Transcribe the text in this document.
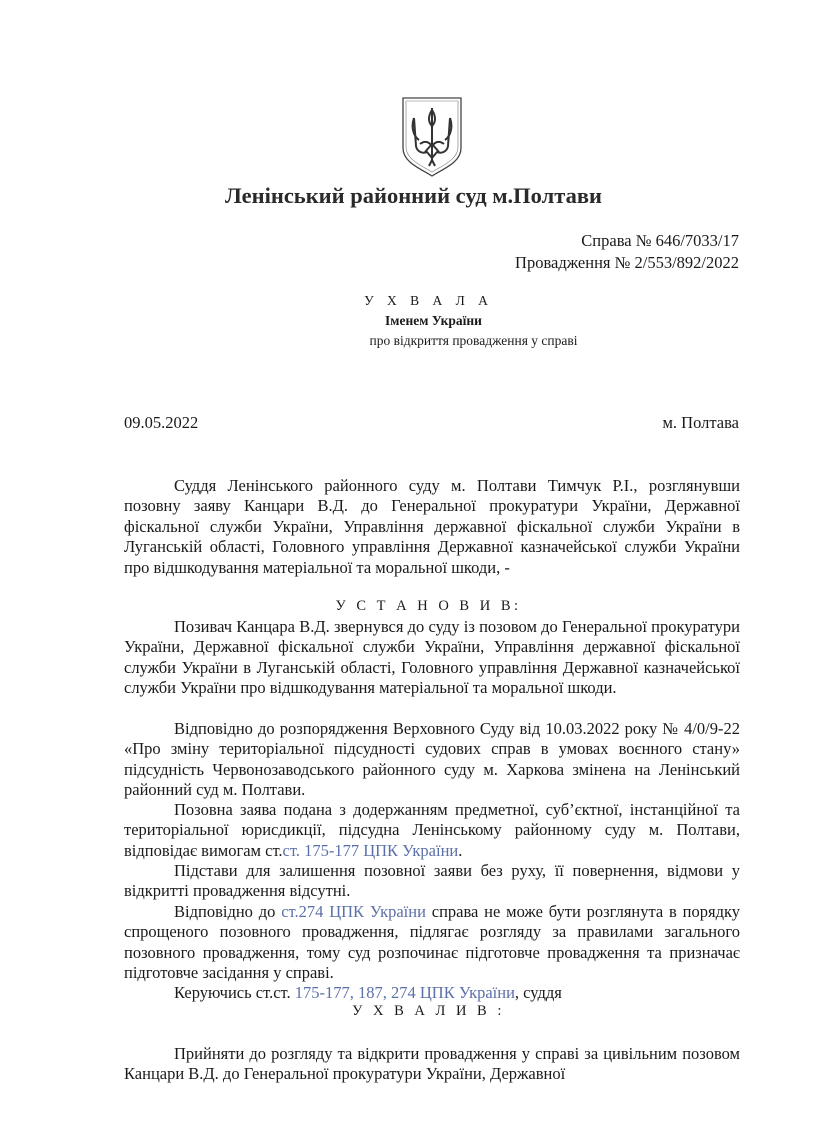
Ленінський районний суд м.Полтави
Справа № 646/7033/17
Провадження № 2/553/892/2022
У Х В А Л А
Іменем України
про відкриття провадження у справі
09.05.2022	м. Полтава

Суддя Ленінського районного суду м. Полтави Тимчук Р.І., розглянувши позовну заяву Канцари В.Д. до Генеральної прокуратури України, Державної фіскальної служби України, Управління державної фіскальної служби України в Луганській області, Головного управління Державної казначейської служби України про відшкодування матеріальної та моральної шкоди, -

У С Т А Н О В И В:

Позивач Канцара В.Д. звернувся до суду із позовом до Генеральної прокуратури України, Державної фіскальної служби України, Управління державної фіскальної служби України в Луганській області, Головного управління Державної казначейської служби України про відшкодування матеріальної та моральної шкоди.

Відповідно до розпорядження Верховного Суду від 10.03.2022 року № 4/0/9-22 «Про зміну територіальної підсудності судових справ в умовах воєнного стану» підсудність Червонозаводського районного суду м. Харкова змінена на Ленінський районний суд м. Полтави.

Позовна заява подана з додержанням предметної, суб’єктної, інстанційної та територіальної юрисдикції, підсудна Ленінському районному суду м. Полтави, відповідає вимогам ст.ст. 175-177 ЦПК України.

Підстави для залишення позовної заяви без руху, її повернення, відмови у відкритті провадження відсутні.

Відповідно до ст.274 ЦПК України справа не може бути розглянута в порядку спрощеного позовного провадження, підлягає розгляду за правилами загального позовного провадження, тому суд розпочинає підготовче провадження та призначає підготовче засідання у справі.

Керуючись ст.ст. 175-177, 187, 274 ЦПК України, суддя

У Х В А Л И В :

Прийняти до розгляду та відкрити провадження у справі за цивільним позовом Канцари В.Д. до Генеральної прокуратури України, Державної
